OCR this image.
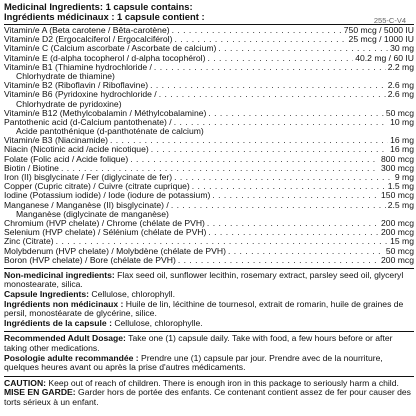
Medicinal Ingredients: 1 capsule contains:
Ingrédients médicinaux : 1 capsule contient :	255-C-V4
Vitamin/e A (Beta carotene / Bêta-carotène) . . .	750 mcg / 5000 IU
Vitamin/e D2 (Ergocalciferol / Ergocalciférol) . . .	25 mcg / 1000 IU
Vitamin/e C (Calcium ascorbate / Ascorbate de calcium) . . .	30 mg
Vitamin/e E (d-alpha tocopherol / d-alpha tocophérol) . . .	40.2 mg / 60 IU
Vitamin/e B1 (Thiamine hydrochloride / . . .	2.2 mg
Chlorhydrate de thiamine)
Vitamin/e B2 (Riboflavin / Riboflavine) . . .	2.6 mg
Vitamin/e B6 (Pyridoxine hydrochloride / . . .	2.6 mg
Chlorhydrate de pyridoxine)
Vitamin/e B12 (Methylcobalamin / Méthylcobalamine) . . .	50 mcg
Pantothenic acid (d-Calcium pantothenate) / . . .	10 mg
Acide pantothénique (d-panthoténate de calcium)
Vitamin/e B3 (Niacinamide) . . .	16 mg
Niacin (Nicotinic acid /acide nicotique) . . .	16 mg
Folate (Folic acid / Acide folique) . . .	800 mcg
Biotin / Biotine . . .	300 mcg
Iron (II) bisglycinate / Fer (diglycinate de fer) . . .	9 mg
Copper (Cupric citrate) / Cuivre (citrate cuprique) . . .	1.5 mg
Iodine (Potassium iodide) / Iode (iodure de potassium) . . .	150 mcg
Manganese / Manganèse (II) bisglycinate) / . . .	2.5 mg
Manganèse (diglycinate de manganèse)
Chromium (HVP chelate) / Chrome (chélate de PVH) . . .	200 mcg
Selenium (HVP chelate) / Sélénium (chélate de PVH) . . .	200 mcg
Zinc (Citrate) . . .	15 mg
Molybdenum (HVP chelate) / Molybdène (chélate de PVH) . . .	50 mcg
Boron (HVP chelate) / Bore (chélate de PVH) . . .	200 mcg

Non-medicinal ingredients: Flax seed oil, sunflower lecithin, rosemary extract, parsley seed oil, glyceryl monostearate, silica.
Capsule Ingredients: Cellulose, chlorophyll.
Ingrédients non médicinaux : Huile de lin, lécithine de tournesol, extrait de romarin, huile de graines de persil, monostéarate de glycérine, silice.
Ingrédients de la capsule : Cellulose, chlorophylle.

Recommended Adult Dosage: Take one (1) capsule daily. Take with food, a few hours before or after taking other medications.
Posologie adulte recommandée : Prendre une (1) capsule par jour. Prendre avec de la nourriture, quelques heures avant ou après la prise d'autres médicaments.

CAUTION: Keep out of reach of children. There is enough iron in this package to seriously harm a child.
MISE EN GARDE: Garder hors de portée des enfants. Ce contenant contient assez de fer pour causer des torts sérieux à un enfant.
